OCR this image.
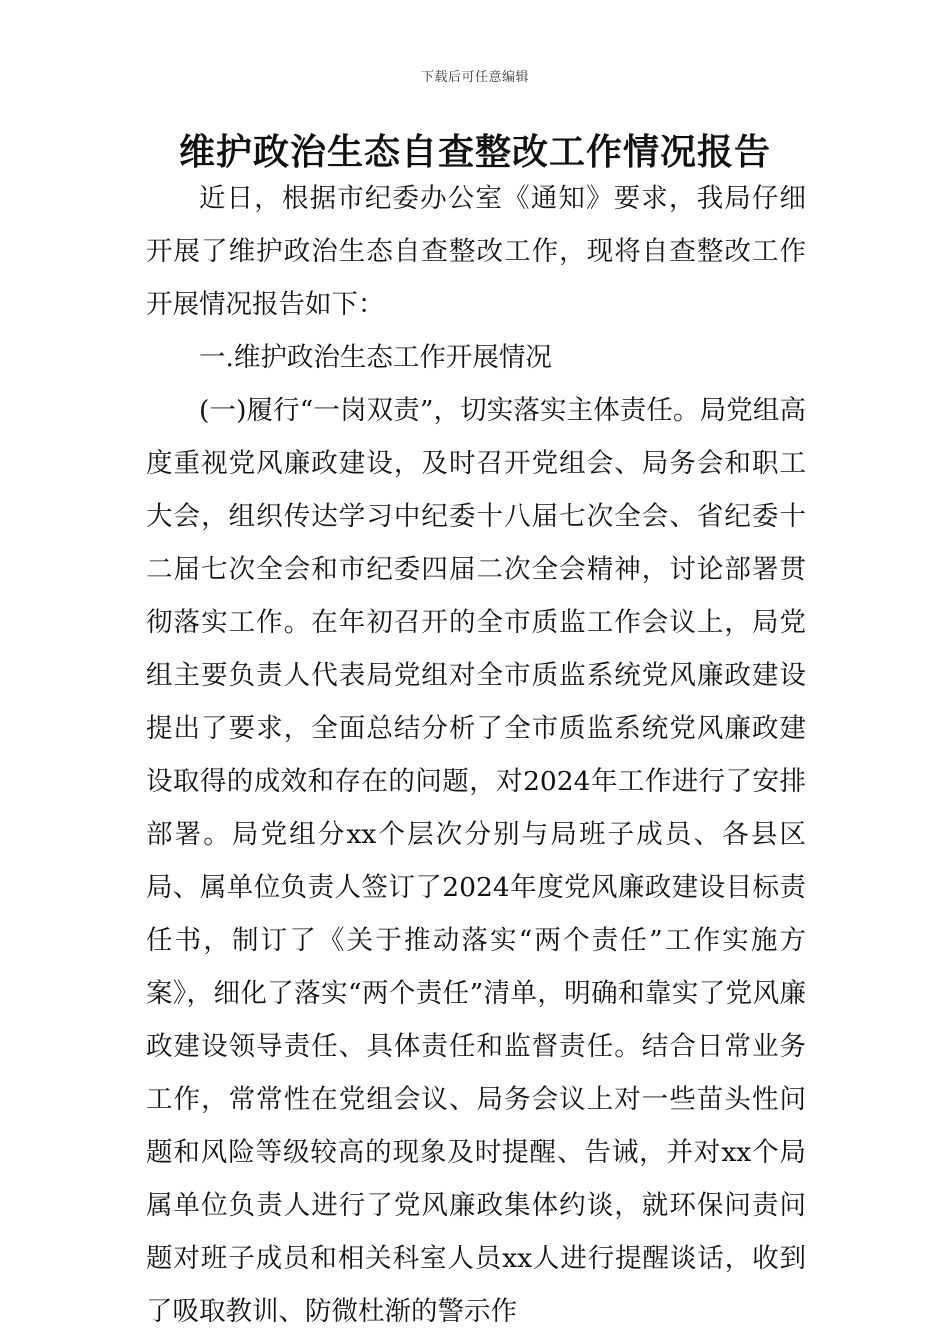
下载后可任意编辑
维护政治生态自查整改工作情况报告

近日，根据市纪委办公室《通知》要求，我局仔细开展了维护政治生态自查整改工作，现将自查整改工作开展情况报告如下：

一.维护政治生态工作开展情况

(一)履行“一岗双责”，切实落实主体责任。局党组高度重视党风廉政建设，及时召开党组会、局务会和职工大会，组织传达学习中纪委十八届七次全会、省纪委十二届七次全会和市纪委四届二次全会精神，讨论部署贯彻落实工作。在年初召开的全市质监工作会议上，局党组主要负责人代表局党组对全市质监系统党风廉政建设提出了要求，全面总结分析了全市质监系统党风廉政建设取得的成效和存在的问题，对2024年工作进行了安排部署。局党组分xx个层次分别与局班子成员、各县区局、属单位负责人签订了2024年度党风廉政建设目标责任书，制订了《关于推动落实“两个责任”工作实施方案》，细化了落实“两个责任”清单，明确和靠实了党风廉政建设领导责任、具体责任和监督责任。结合日常业务工作，常常性在党组会议、局务会议上对一些苗头性问题和风险等级较高的现象及时提醒、告诫，并对xx个局属单位负责人进行了党风廉政集体约谈，就环保问责问题对班子成员和相关科室人员xx人进行提醒谈话，收到了吸取教训、防微杜渐的警示作
